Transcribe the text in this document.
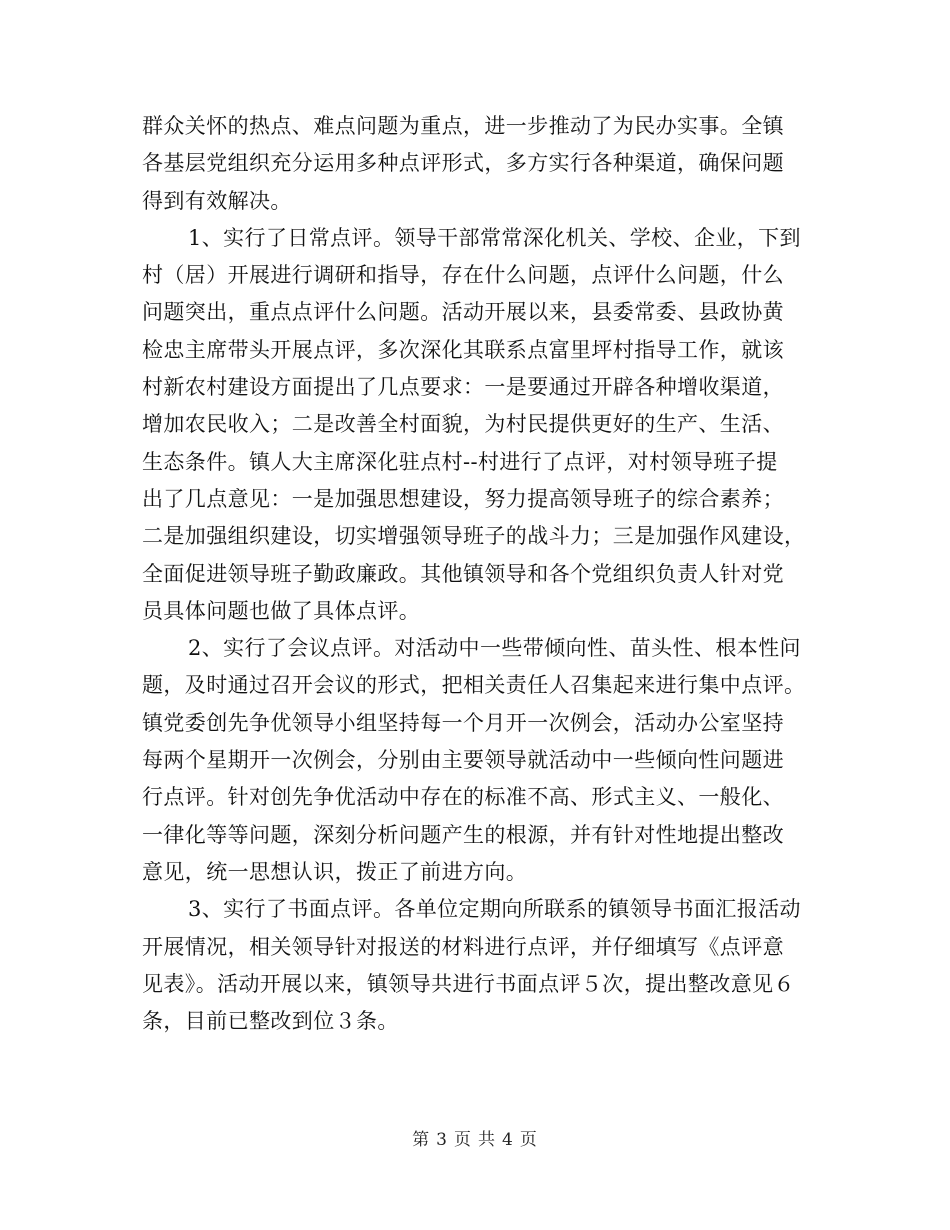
群众关怀的热点、难点问题为重点，进一步推动了为民办实事。全镇
各基层党组织充分运用多种点评形式，多方实行各种渠道，确保问题
得到有效解决。
1、实行了日常点评。领导干部常常深化机关、学校、企业，下到
村（居）开展进行调研和指导，存在什么问题，点评什么问题，什么
问题突出，重点点评什么问题。活动开展以来，县委常委、县政协黄
检忠主席带头开展点评，多次深化其联系点富里坪村指导工作，就该
村新农村建设方面提出了几点要求：一是要通过开辟各种增收渠道，
增加农民收入；二是改善全村面貌，为村民提供更好的生产、生活、
生态条件。镇人大主席深化驻点村--村进行了点评，对村领导班子提
出了几点意见：一是加强思想建设，努力提高领导班子的综合素养；
二是加强组织建设，切实增强领导班子的战斗力；三是加强作风建设，
全面促进领导班子勤政廉政。其他镇领导和各个党组织负责人针对党
员具体问题也做了具体点评。
2、实行了会议点评。对活动中一些带倾向性、苗头性、根本性问
题，及时通过召开会议的形式，把相关责任人召集起来进行集中点评。
镇党委创先争优领导小组坚持每一个月开一次例会，活动办公室坚持
每两个星期开一次例会，分别由主要领导就活动中一些倾向性问题进
行点评。针对创先争优活动中存在的标准不高、形式主义、一般化、
一律化等等问题，深刻分析问题产生的根源，并有针对性地提出整改
意见，统一思想认识，拨正了前进方向。
3、实行了书面点评。各单位定期向所联系的镇领导书面汇报活动
开展情况，相关领导针对报送的材料进行点评，并仔细填写《点评意
见表》。活动开展以来，镇领导共进行书面点评５次，提出整改意见６
条，目前已整改到位３条。
第 3 页 共 4 页
